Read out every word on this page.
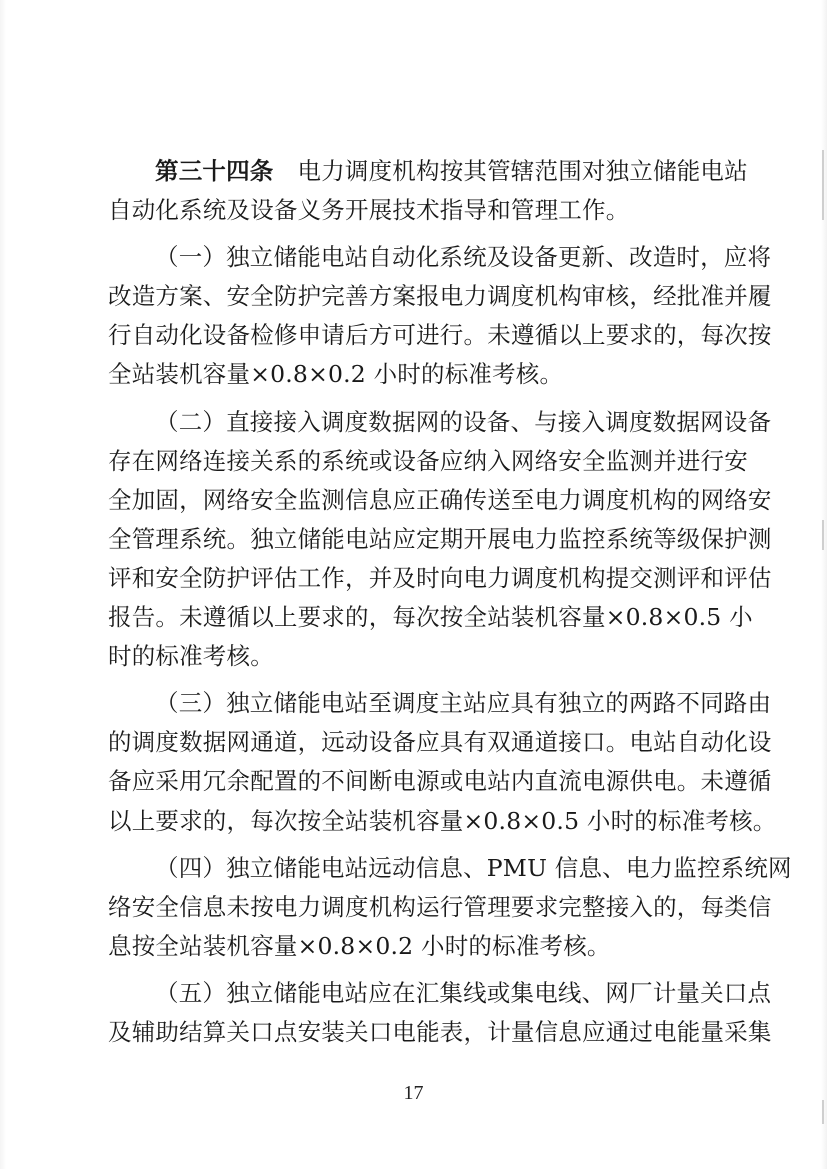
第三十四条 电力调度机构按其管辖范围对独立储能电站
自动化系统及设备义务开展技术指导和管理工作。
（一）独立储能电站自动化系统及设备更新、改造时，应将
改造方案、安全防护完善方案报电力调度机构审核，经批准并履
行自动化设备检修申请后方可进行。未遵循以上要求的，每次按
全站装机容量×0.8×0.2 小时的标准考核。
（二）直接接入调度数据网的设备、与接入调度数据网设备
存在网络连接关系的系统或设备应纳入网络安全监测并进行安
全加固，网络安全监测信息应正确传送至电力调度机构的网络安
全管理系统。独立储能电站应定期开展电力监控系统等级保护测
评和安全防护评估工作，并及时向电力调度机构提交测评和评估
报告。未遵循以上要求的，每次按全站装机容量×0.8×0.5 小
时的标准考核。
（三）独立储能电站至调度主站应具有独立的两路不同路由
的调度数据网通道，远动设备应具有双通道接口。电站自动化设
备应采用冗余配置的不间断电源或电站内直流电源供电。未遵循
以上要求的，每次按全站装机容量×0.8×0.5 小时的标准考核。
（四）独立储能电站远动信息、PMU 信息、电力监控系统网
络安全信息未按电力调度机构运行管理要求完整接入的，每类信
息按全站装机容量×0.8×0.2 小时的标准考核。
（五）独立储能电站应在汇集线或集电线、网厂计量关口点
及辅助结算关口点安装关口电能表，计量信息应通过电能量采集
17
